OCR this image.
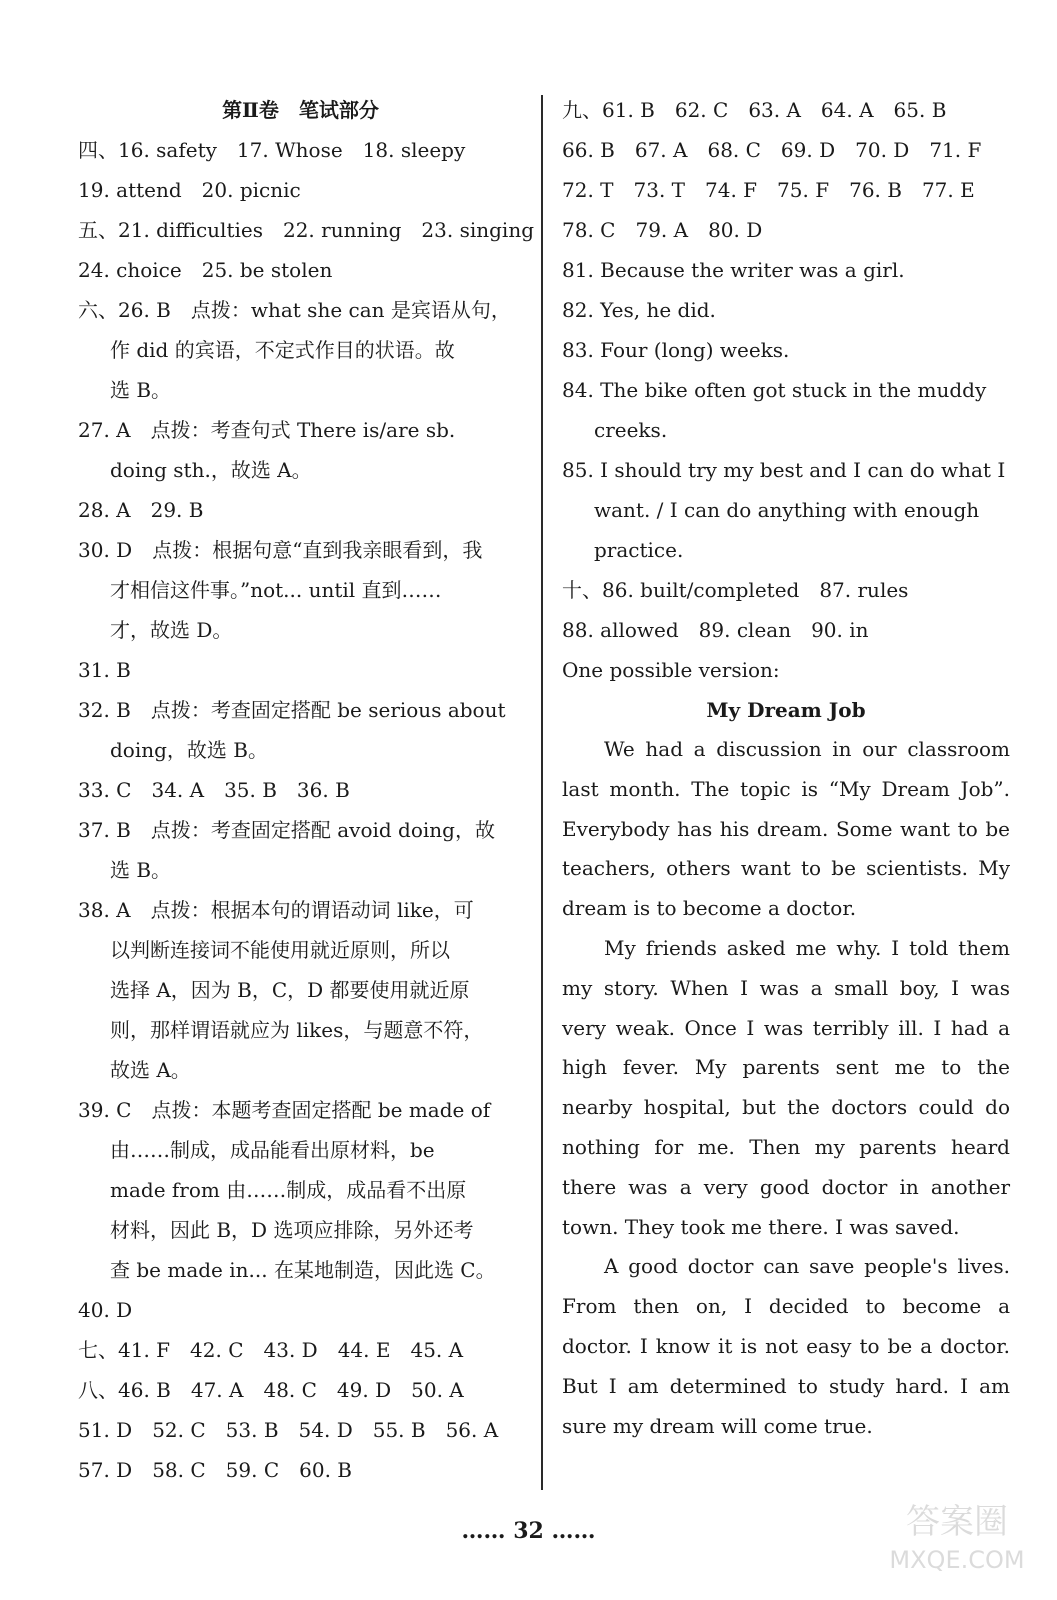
第Ⅱ卷　笔试部分
四、16. safety　17. Whose　18. sleepy
19. attend　20. picnic
五、21. difficulties　22. running　23. singing
24. choice　25. be stolen
六、26. B　点拨：what she can 是宾语从句，
作 did 的宾语，不定式作目的状语。故
选 B。
27. A　点拨：考查句式 There is/are sb.
doing sth.，故选 A。
28. A　29. B
30. D　点拨：根据句意“直到我亲眼看到，我
才相信这件事。”not... until 直到……
才，故选 D。
31. B
32. B　点拨：考查固定搭配 be serious about
doing，故选 B。
33. C　34. A　35. B　36. B
37. B　点拨：考查固定搭配 avoid doing，故
选 B。
38. A　点拨：根据本句的谓语动词 like，可
以判断连接词不能使用就近原则，所以
选择 A，因为 B，C，D 都要使用就近原
则，那样谓语就应为 likes，与题意不符，
故选 A。
39. C　点拨：本题考查固定搭配 be made of
由……制成，成品能看出原材料，be
made from 由……制成，成品看不出原
材料，因此 B，D 选项应排除，另外还考
查 be made in... 在某地制造，因此选 C。
40. D
七、41. F　42. C　43. D　44. E　45. A
八、46. B　47. A　48. C　49. D　50. A
51. D　52. C　53. B　54. D　55. B　56. A
57. D　58. C　59. C　60. B
九、61. B　62. C　63. A　64. A　65. B
66. B　67. A　68. C　69. D　70. D　71. F
72. T　73. T　74. F　75. F　76. B　77. E
78. C　79. A　80. D
81. Because the writer was a girl.
82. Yes, he did.
83. Four (long) weeks.
84. The bike often got stuck in the muddy
creeks.
85. I should try my best and I can do what I
want. / I can do anything with enough
practice.
十、86. built/completed　87. rules
88. allowed　89. clean　90. in
One possible version:
My Dream Job

We had a discussion in our classroom last month. The topic is “My Dream Job”. Everybody has his dream. Some want to be teachers, others want to be scientists. My dream is to become a doctor.

My friends asked me why. I told them my story. When I was a small boy, I was very weak. Once I was terribly ill. I had a high fever. My parents sent me to the nearby hospital, but the doctors could do nothing for me. Then my parents heard there was a very good doctor in another town. They took me there. I was saved.

A good doctor can save people's lives. From then on, I decided to become a doctor. I know it is not easy to be a doctor. But I am determined to study hard. I am sure my dream will come true.

…… 32 ……	答案圈
MXQE.COM
